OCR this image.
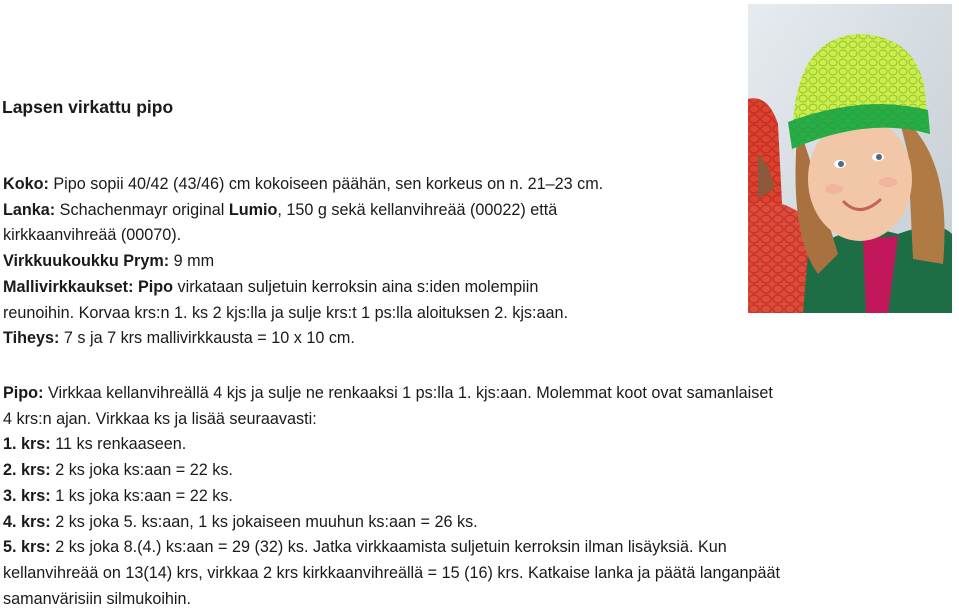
Lapsen virkattu pipo
Koko: Pipo sopii 40/42 (43/46) cm kokoiseen päähän, sen korkeus on n. 21–23 cm.
Lanka: Schachenmayr original Lumio, 150 g sekä kellanvihreää (00022) että
kirkkaanvihreää (00070).
Virkkuukoukku Prym: 9 mm
Mallivirkkaukset: Pipo virkataan suljetuin kerroksin aina s:iden molempiin
reunoihin. Korvaa krs:n 1. ks 2 kjs:lla ja sulje krs:t 1 ps:lla aloituksen 2. kjs:aan.
Tiheys: 7 s ja 7 krs mallivirkkausta = 10 x 10 cm.
Pipo: Virkkaa kellanvihreällä 4 kjs ja sulje ne renkaaksi 1 ps:lla 1. kjs:aan. Molemmat koot ovat samanlaiset
4 krs:n ajan. Virkkaa ks ja lisää seuraavasti:
1. krs: 11 ks renkaaseen.
2. krs: 2 ks joka ks:aan = 22 ks.
3. krs: 1 ks joka ks:aan = 22 ks.
4. krs: 2 ks joka 5. ks:aan, 1 ks jokaiseen muuhun ks:aan = 26 ks.
5. krs: 2 ks joka 8.(4.) ks:aan = 29 (32) ks. Jatka virkkaamista suljetuin kerroksin ilman lisäyksiä. Kun
kellanvihreää on 13(14) krs, virkkaa 2 krs kirkkaanvihreällä = 15 (16) krs. Katkaise lanka ja päätä langanpäät
samanvärisiin silmukoihin.
